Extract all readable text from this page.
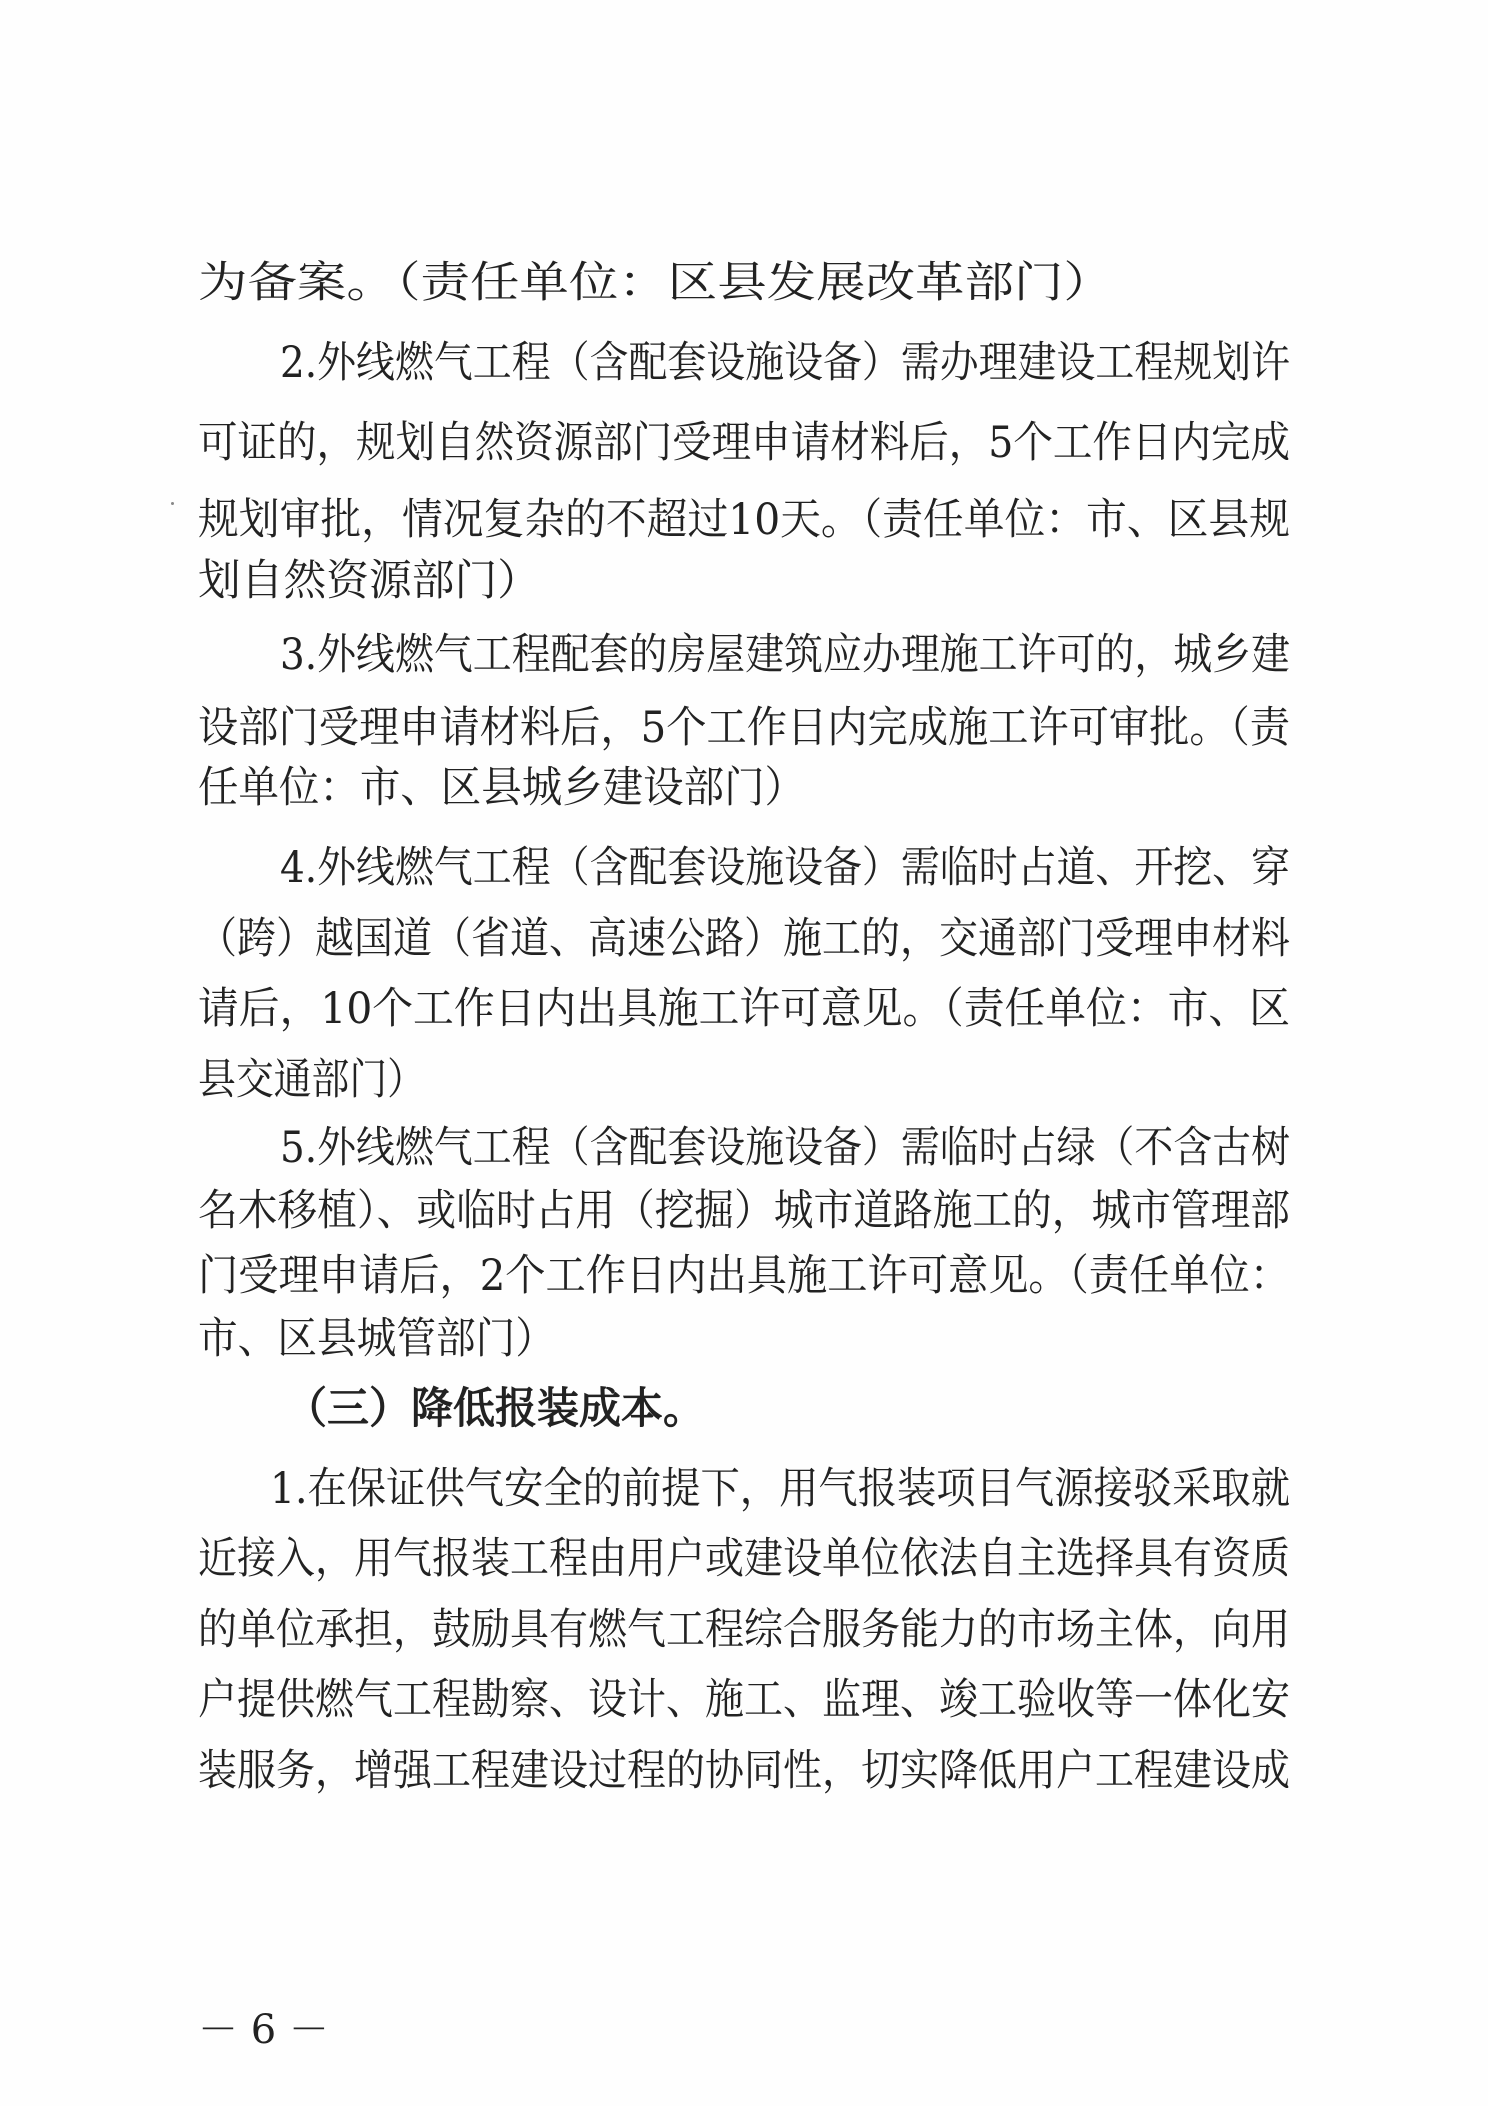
为备案。（责任单位：区县发展改革部门）
2.外线燃气工程（含配套设施设备）需办理建设工程规划许
可证的，规划自然资源部门受理申请材料后，5个工作日内完成
规划审批，情况复杂的不超过10天。（责任单位：市、区县规
划自然资源部门）
3.外线燃气工程配套的房屋建筑应办理施工许可的，城乡建
设部门受理申请材料后，5个工作日内完成施工许可审批。（责
任单位：市、区县城乡建设部门）
4.外线燃气工程（含配套设施设备）需临时占道、开挖、穿
（跨）越国道（省道、高速公路）施工的，交通部门受理申材料
请后，10个工作日内出具施工许可意见。（责任单位：市、区
县交通部门）
5.外线燃气工程（含配套设施设备）需临时占绿（不含古树
名木移植）、或临时占用（挖掘）城市道路施工的，城市管理部
门受理申请后，2个工作日内出具施工许可意见。（责任单位：
市、区县城管部门）
（三）降低报装成本。
1.在保证供气安全的前提下，用气报装项目气源接驳采取就
近接入，用气报装工程由用户或建设单位依法自主选择具有资质
的单位承担，鼓励具有燃气工程综合服务能力的市场主体，向用
户提供燃气工程勘察、设计、施工、监理、竣工验收等一体化安
装服务，增强工程建设过程的协同性，切实降低用户工程建设成
－ 6 －
